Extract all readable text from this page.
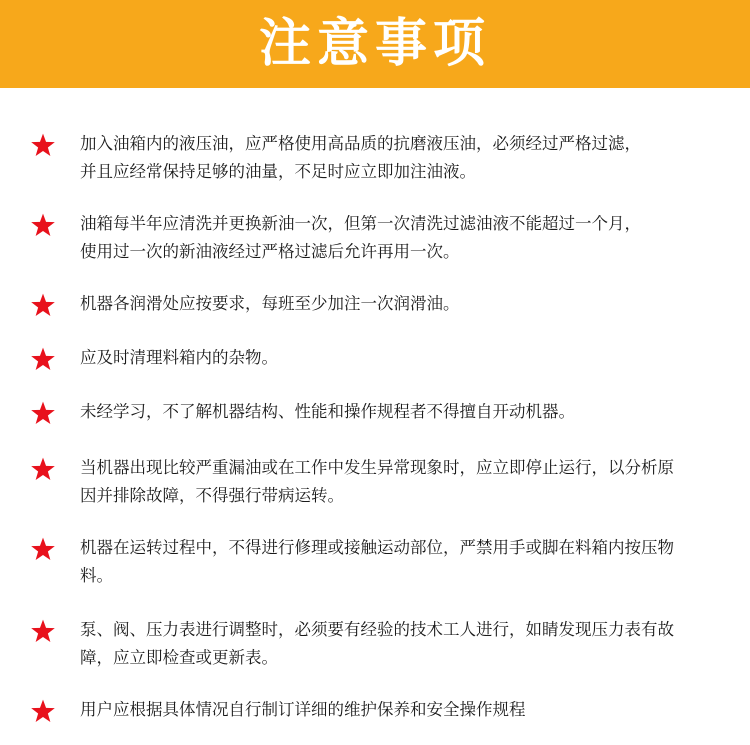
注意事项
加入油箱内的液压油，应严格使用高品质的抗磨液压油，必须经过严格过滤，
并且应经常保持足够的油量，不足时应立即加注油液。
油箱每半年应清洗并更换新油一次，但第一次清洗过滤油液不能超过一个月，
使用过一次的新油液经过严格过滤后允许再用一次。
机器各润滑处应按要求，每班至少加注一次润滑油。
应及时清理料箱内的杂物。
未经学习，不了解机器结构、性能和操作规程者不得擅自开动机器。
当机器出现比较严重漏油或在工作中发生异常现象时，应立即停止运行，以分析原
因并排除故障，不得强行带病运转。
机器在运转过程中，不得进行修理或接触运动部位，严禁用手或脚在料箱内按压物
料。
泵、阀、压力表进行调整时，必须要有经验的技术工人进行，如睛发现压力表有故
障，应立即检查或更新表。
用户应根据具体情况自行制订详细的维护保养和安全操作规程
